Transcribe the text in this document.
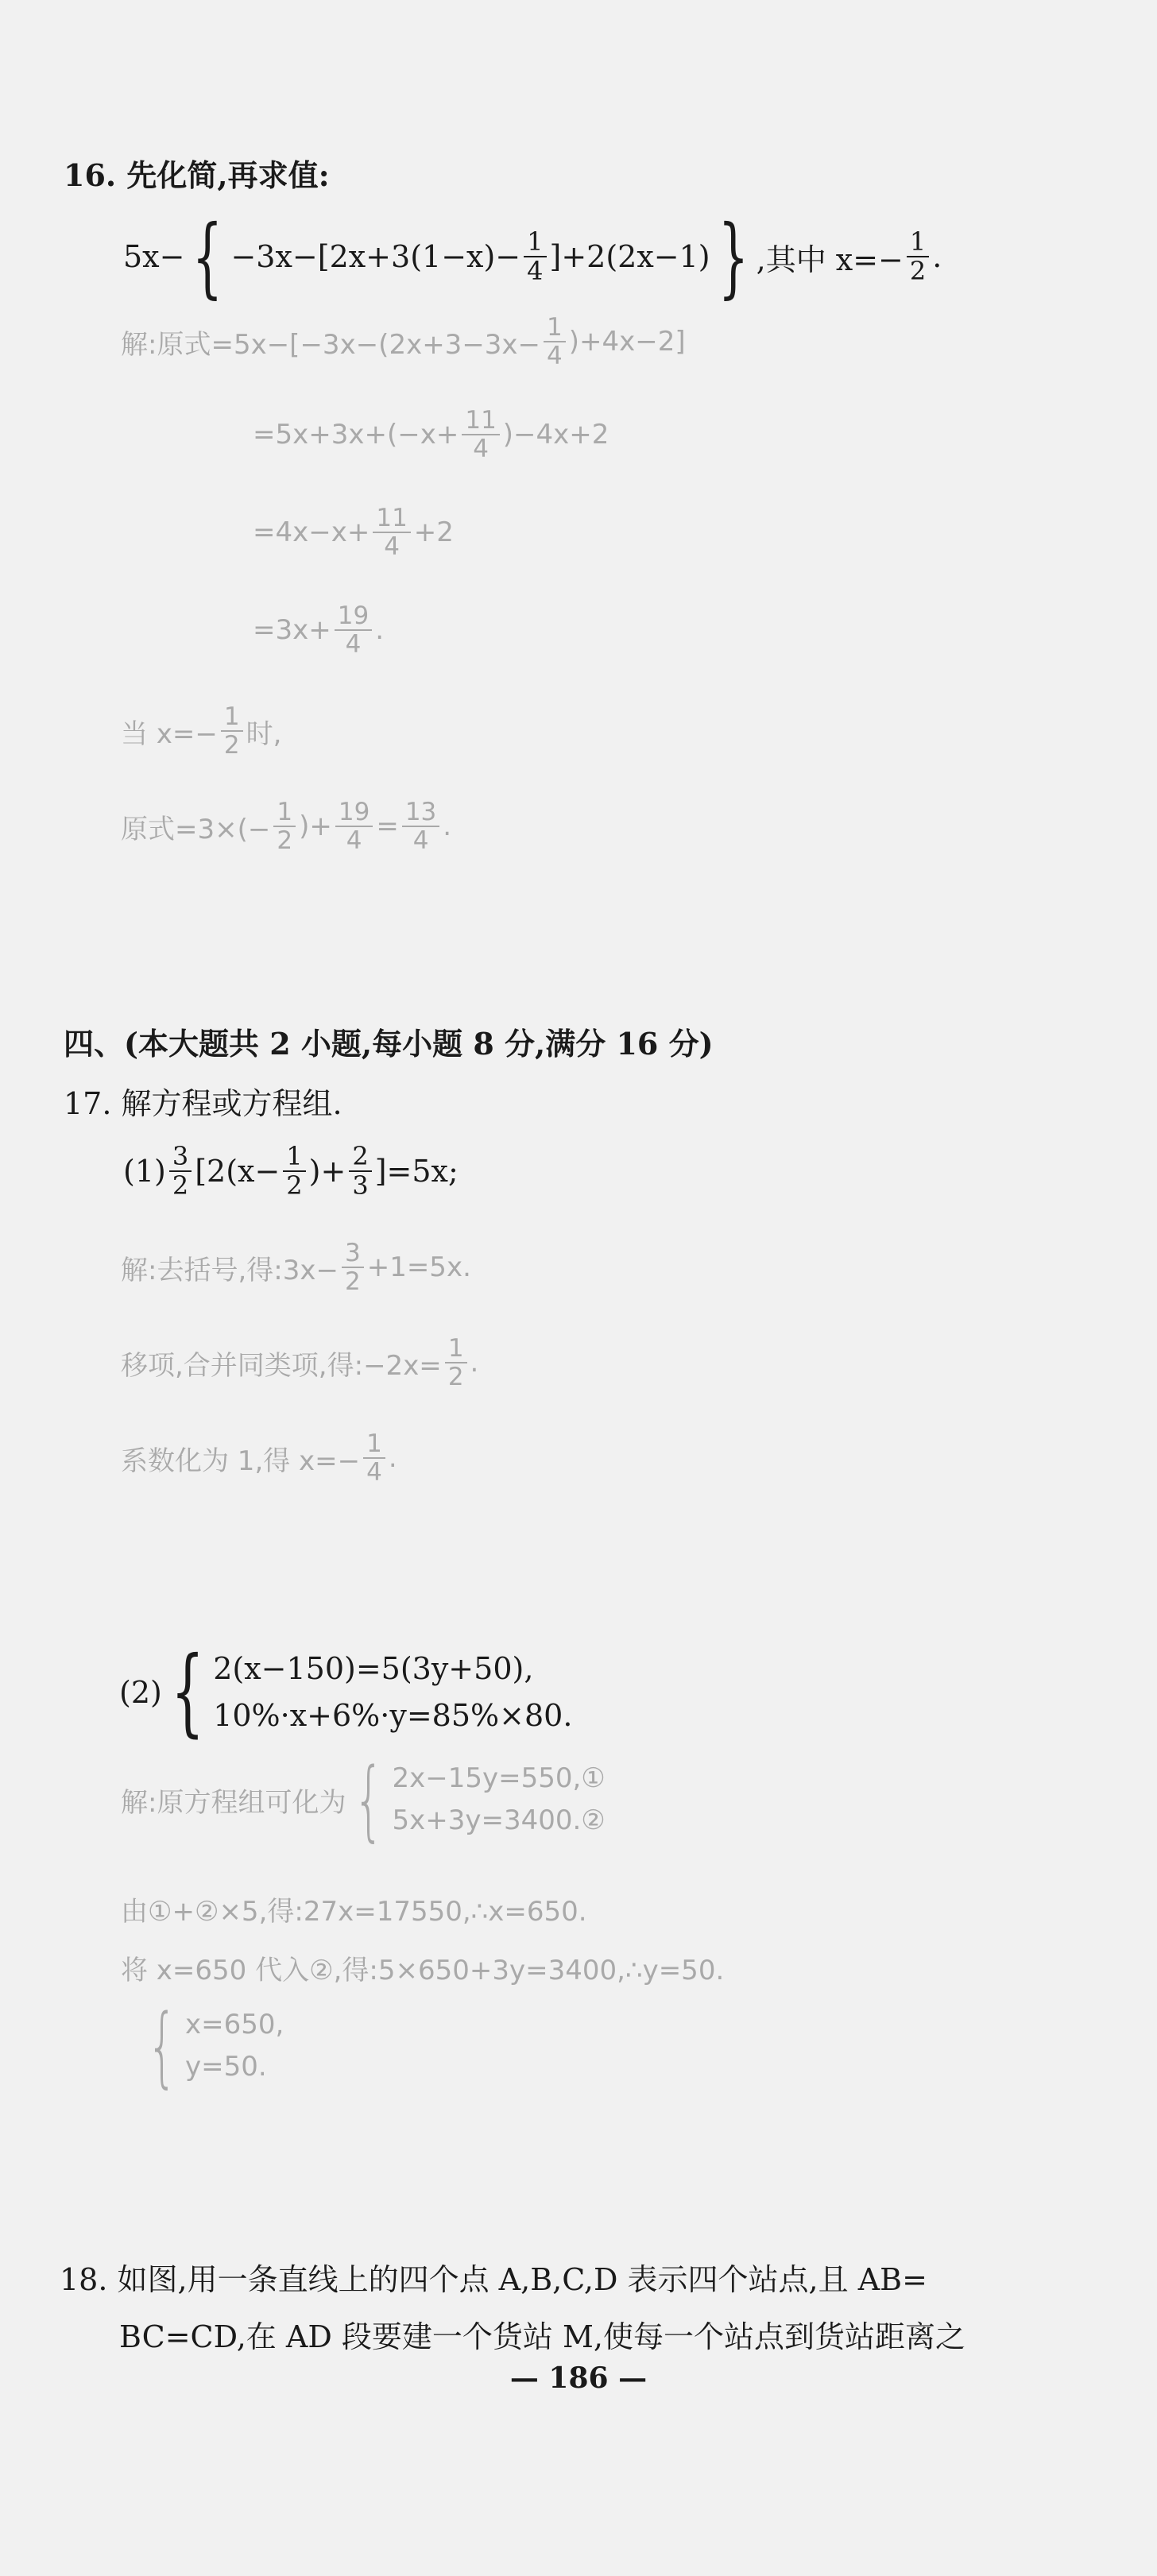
16. 先化简,再求值:
5x− { $-3x-[2x+3(1-x)- \frac{1}{4} ]+2(2x-1)$ } ,其中 $x=- \frac{1}{2}$ .
解:原式$=5x-[-3x-(2x+3-3x- \frac{1}{4} )+4x-2]$
$=5x+3x+(-x+ \frac{11}{4} )-4x+2$
$=4x-x+ \frac{11}{4} +2$
$=3x+ \frac{19}{4}$ .
当 $x=- \frac{1}{2}$ 时,
原式$=3\times(- \frac{1}{2}$ )+ $\frac{19}{4} = \frac{13}{4}$ .
四、(本大题共 2 小题,每小题 8 分,满分 16 分)
17. 解方程或方程组.
$(1) \frac{3}{2} [2(x- \frac{1}{2}$ )+ $\frac{2}{3} ]=5x$;
解:去括号,得:3x− $\frac{3}{2} +1=5x$.
移项,合并同类项,得:−2x= $\frac{1}{2}$ .
系数化为 1,得 $x=- \frac{1}{4}$ .
(2) { 2(x−150)=5(3y+50),
10%·x+6%·y=85%×80.
解:原方程组可化为 { 2x−15y=550,①
5x+3y=3400.②
由①+②×5,得:27x=17550,∴x=650.
将 x=650 代入②,得:5×650+3y=3400,∴y=50.
{ x=650,
y=50.
18. 如图,用一条直线上的四个点 A,B,C,D 表示四个站点,且 AB=
BC=CD,在 AD 段要建一个货站 M,使每一个站点到货站距离之
— 186 —
